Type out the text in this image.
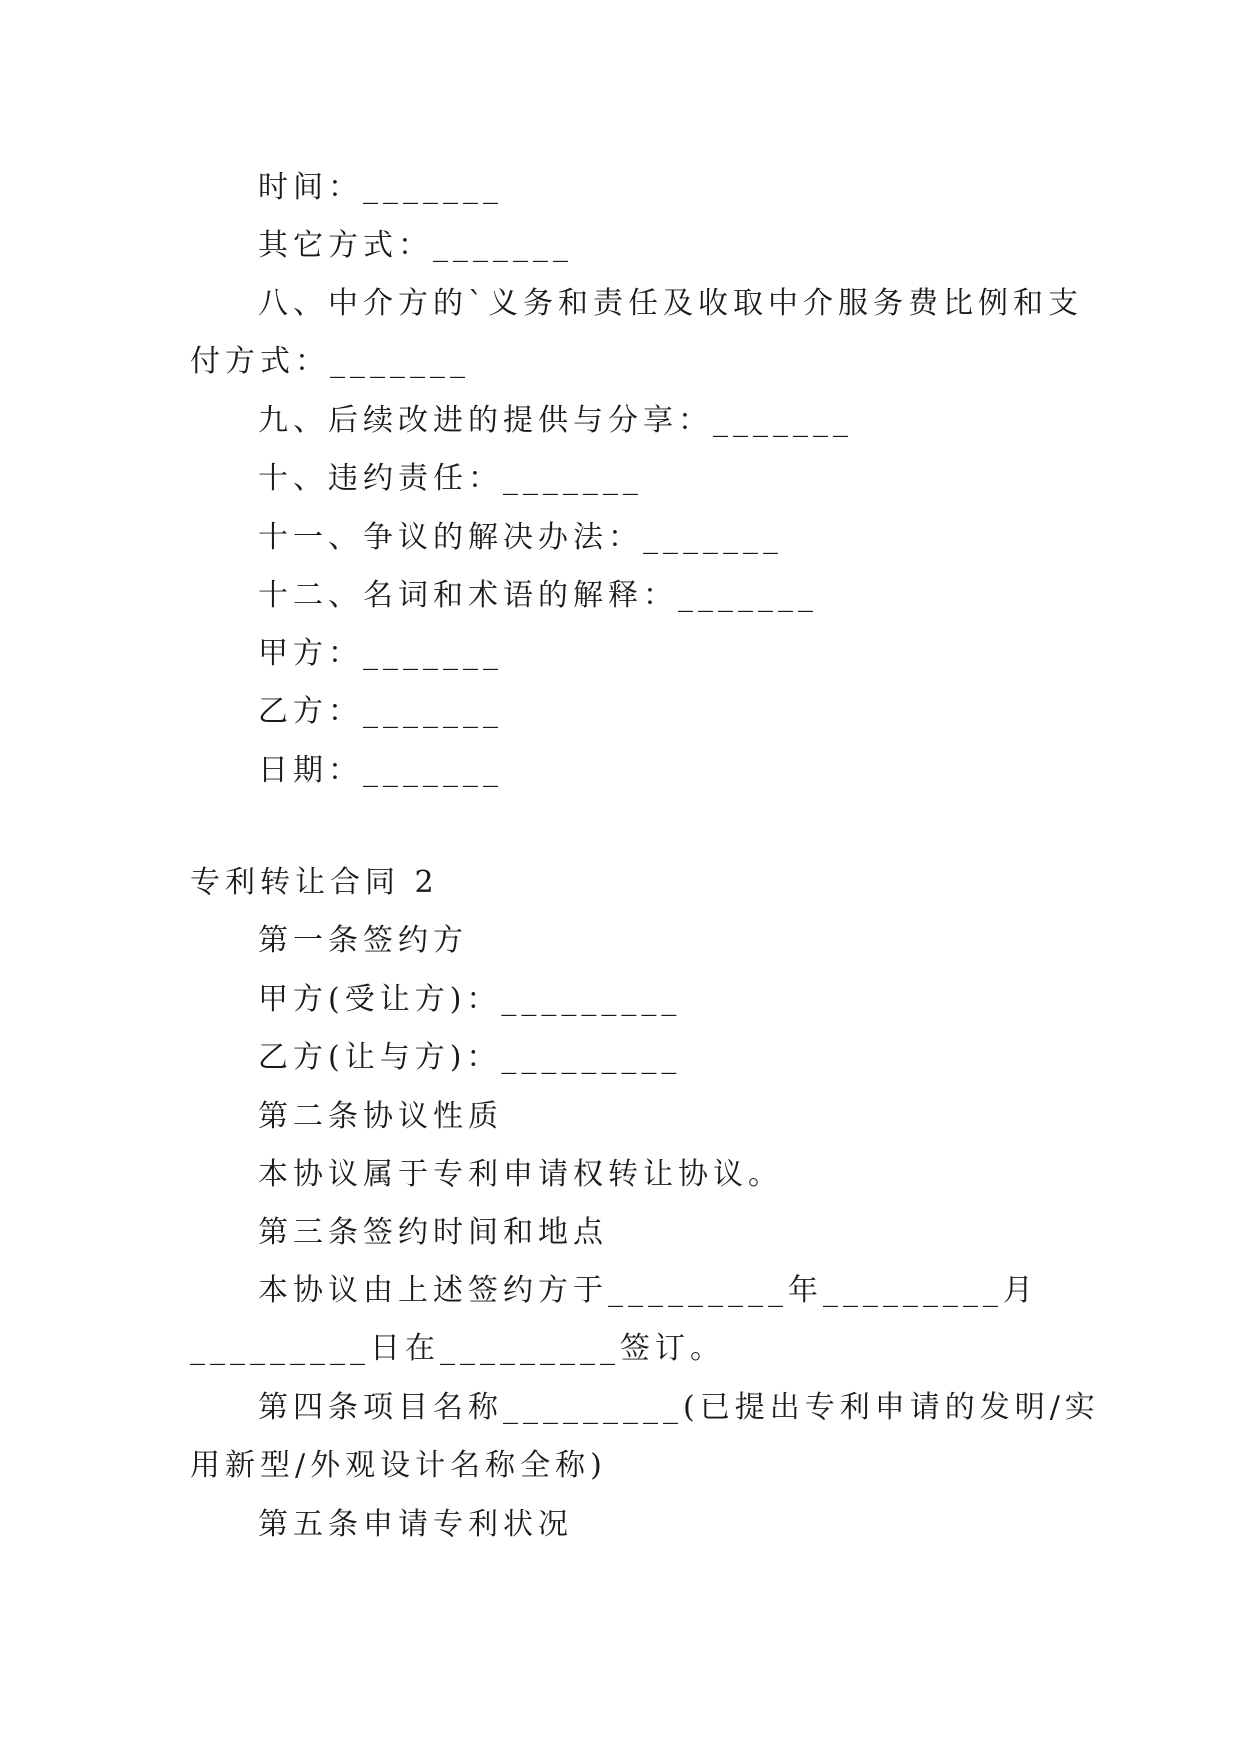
时间：_______
其它方式：_______
八、中介方的`义务和责任及收取中介服务费比例和支
付方式：_______
九、后续改进的提供与分享：_______
十、违约责任：_______
十一、争议的解决办法：_______
十二、名词和术语的解释：_______
甲方：_______
乙方：_______
日期：_______
专利转让合同 2
第一条签约方
甲方(受让方)：_________
乙方(让与方)：_________
第二条协议性质
本协议属于专利申请权转让协议。
第三条签约时间和地点
本协议由上述签约方于_________年_________月
_________日在_________签订。
第四条项目名称_________(已提出专利申请的发明/实
用新型/外观设计名称全称)
第五条申请专利状况
